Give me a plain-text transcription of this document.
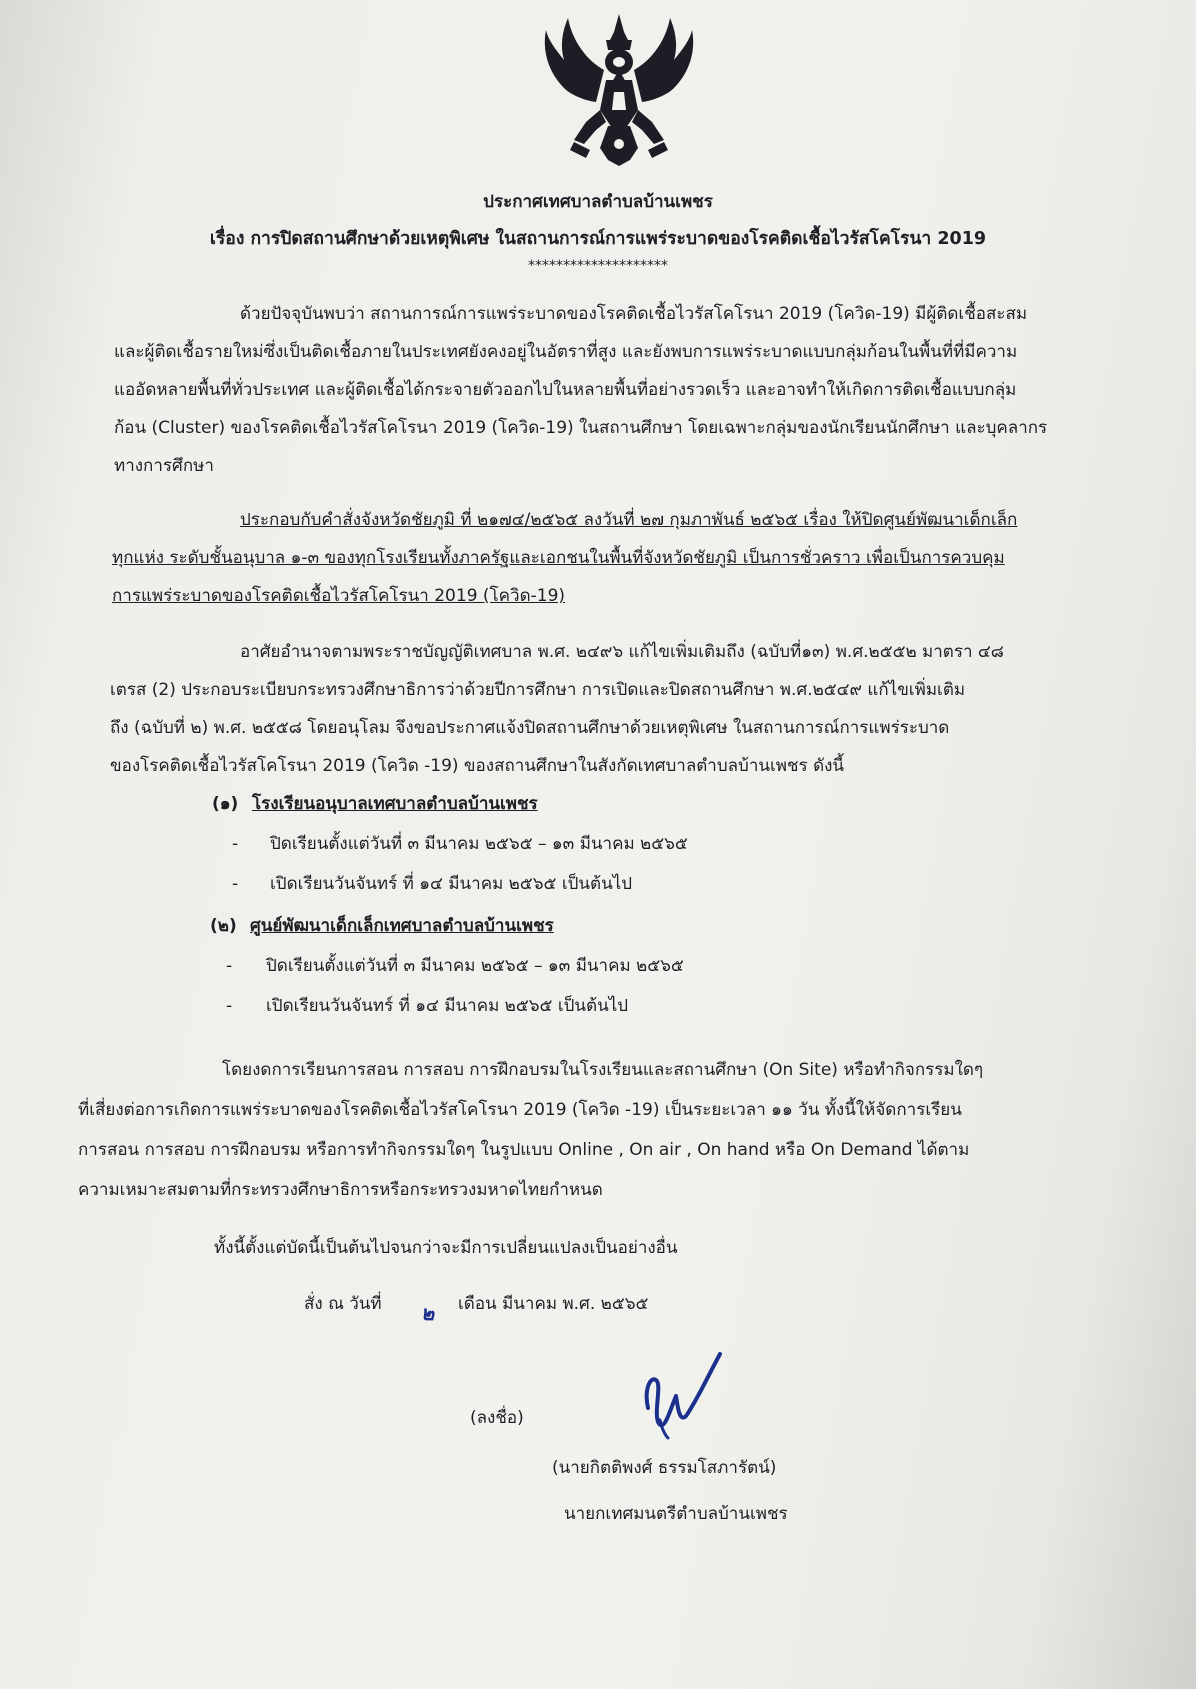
ประกาศเทศบาลตำบลบ้านเพชร
เรื่อง การปิดสถานศึกษาด้วยเหตุพิเศษ ในสถานการณ์การแพร่ระบาดของโรคติดเชื้อไวรัสโคโรนา 2019
********************
ด้วยปัจจุบันพบว่า สถานการณ์การแพร่ระบาดของโรคติดเชื้อไวรัสโคโรนา 2019 (โควิด-19) มีผู้ติดเชื้อสะสม
และผู้ติดเชื้อรายใหม่ซึ่งเป็นติดเชื้อภายในประเทศยังคงอยู่ในอัตราที่สูง และยังพบการแพร่ระบาดแบบกลุ่มก้อนในพื้นที่ที่มีความ
แออัดหลายพื้นที่ทั่วประเทศ และผู้ติดเชื้อได้กระจายตัวออกไปในหลายพื้นที่อย่างรวดเร็ว และอาจทำให้เกิดการติดเชื้อแบบกลุ่ม
ก้อน (Cluster) ของโรคติดเชื้อไวรัสโคโรนา 2019 (โควิด-19) ในสถานศึกษา โดยเฉพาะกลุ่มของนักเรียนนักศึกษา และบุคลากร
ทางการศึกษา
ประกอบกับคำสั่งจังหวัดชัยภูมิ ที่ ๒๑๗๔/๒๕๖๕ ลงวันที่ ๒๗ กุมภาพันธ์ ๒๕๖๕ เรื่อง ให้ปิดศูนย์พัฒนาเด็กเล็ก
ทุกแห่ง ระดับชั้นอนุบาล ๑-๓ ของทุกโรงเรียนทั้งภาครัฐและเอกชนในพื้นที่จังหวัดชัยภูมิ เป็นการชั่วคราว เพื่อเป็นการควบคุม
การแพร่ระบาดของโรคติดเชื้อไวรัสโคโรนา 2019 (โควิด-19)
อาศัยอำนาจตามพระราชบัญญัติเทศบาล พ.ศ. ๒๔๙๖ แก้ไขเพิ่มเติมถึง (ฉบับที่๑๓) พ.ศ.๒๕๕๒ มาตรา ๔๘
เตรส (2) ประกอบระเบียบกระทรวงศึกษาธิการว่าด้วยปีการศึกษา การเปิดและปิดสถานศึกษา พ.ศ.๒๕๔๙ แก้ไขเพิ่มเติม
ถึง (ฉบับที่ ๒) พ.ศ. ๒๕๕๘ โดยอนุโลม จึงขอประกาศแจ้งปิดสถานศึกษาด้วยเหตุพิเศษ ในสถานการณ์การแพร่ระบาด
ของโรคติดเชื้อไวรัสโคโรนา 2019 (โควิด -19) ของสถานศึกษาในสังกัดเทศบาลตำบลบ้านเพชร ดังนี้
(๑) โรงเรียนอนุบาลเทศบาลตำบลบ้านเพชร
- ปิดเรียนตั้งแต่วันที่ ๓ มีนาคม ๒๕๖๕ – ๑๓ มีนาคม ๒๕๖๕
- เปิดเรียนวันจันทร์ ที่ ๑๔ มีนาคม ๒๕๖๕ เป็นต้นไป
(๒) ศูนย์พัฒนาเด็กเล็กเทศบาลตำบลบ้านเพชร
- ปิดเรียนตั้งแต่วันที่ ๓ มีนาคม ๒๕๖๕ – ๑๓ มีนาคม ๒๕๖๕
- เปิดเรียนวันจันทร์ ที่ ๑๔ มีนาคม ๒๕๖๕ เป็นต้นไป
โดยงดการเรียนการสอน การสอบ การฝึกอบรมในโรงเรียนและสถานศึกษา (On Site) หรือทำกิจกรรมใดๆ
ที่เสี่ยงต่อการเกิดการแพร่ระบาดของโรคติดเชื้อไวรัสโคโรนา 2019 (โควิด -19) เป็นระยะเวลา ๑๑ วัน ทั้งนี้ให้จัดการเรียน
การสอน การสอบ การฝึกอบรม หรือการทำกิจกรรมใดๆ ในรูปแบบ Online , On air , On hand หรือ On Demand ได้ตาม
ความเหมาะสมตามที่กระทรวงศึกษาธิการหรือกระทรวงมหาดไทยกำหนด
ทั้งนี้ตั้งแต่บัดนี้เป็นต้นไปจนกว่าจะมีการเปลี่ยนแปลงเป็นอย่างอื่น
สั่ง ณ วันที่ ๒ เดือน มีนาคม พ.ศ. ๒๕๖๕
(ลงชื่อ)
(นายกิตติพงศ์ ธรรมโสภารัตน์)
นายกเทศมนตรีตำบลบ้านเพชร
